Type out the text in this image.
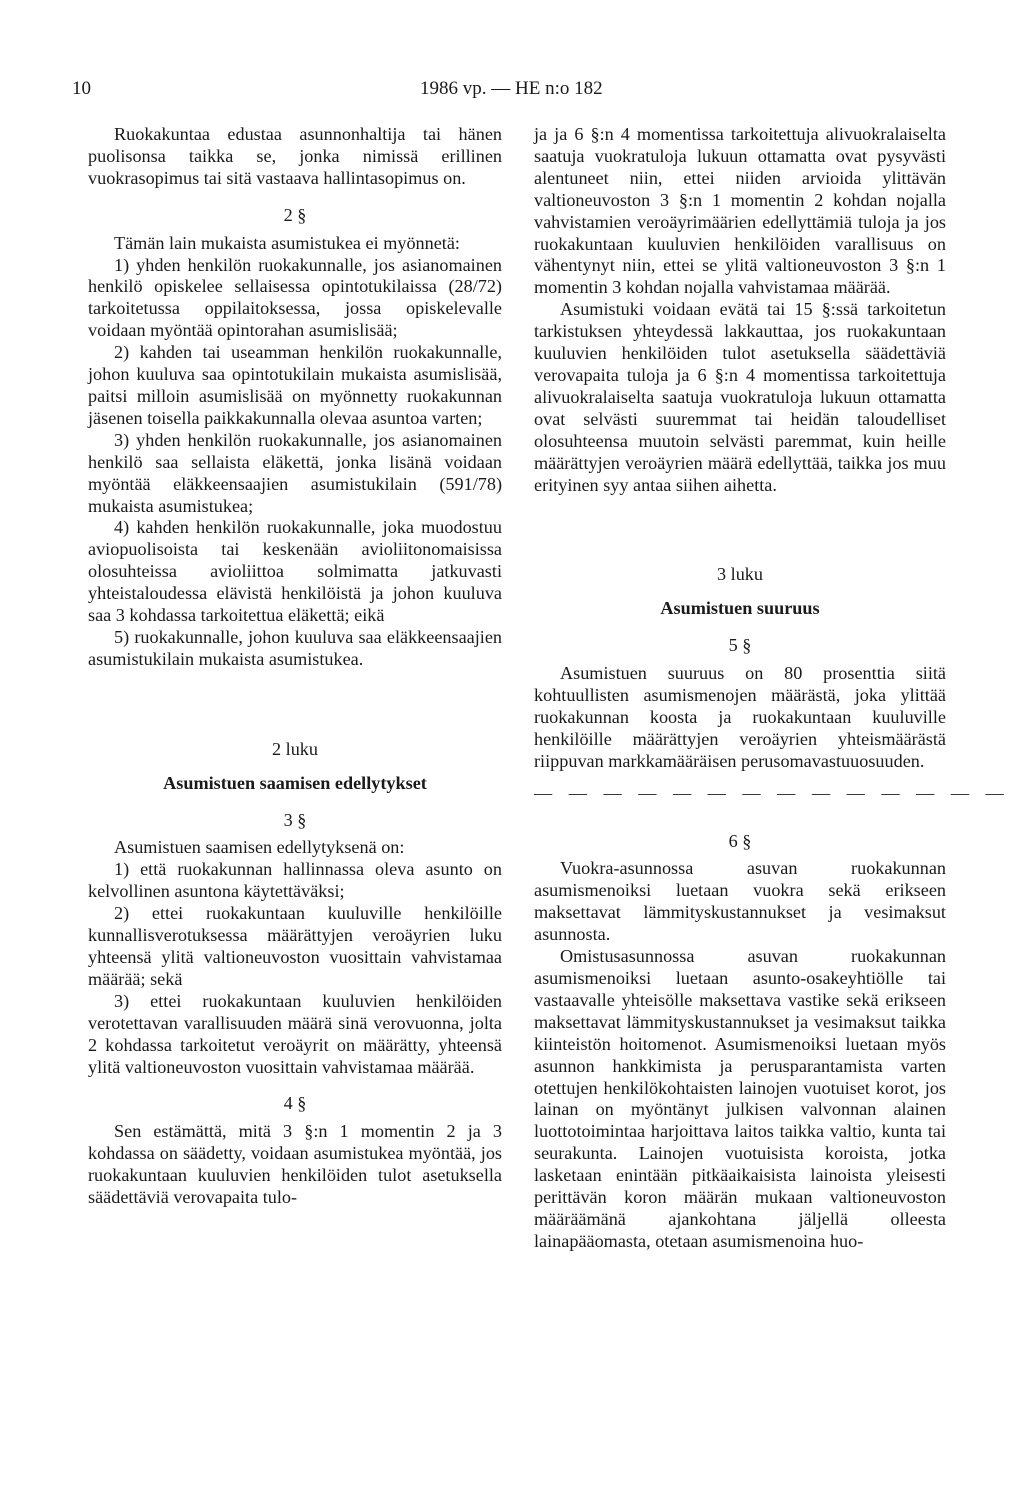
10	1986 vp. — HE n:o 182

Ruokakuntaa edustaa asunnonhaltija tai hänen puolisonsa taikka se, jonka nimissä erillinen vuokrasopimus tai sitä vastaava hallintasopimus on.

2 §

Tämän lain mukaista asumistukea ei myönnetä:

1) yhden henkilön ruokakunnalle, jos asianomainen henkilö opiskelee sellaisessa opintotukilaissa (28/72) tarkoitetussa oppilaitoksessa, jossa opiskelevalle voidaan myöntää opintorahan asumislisää;

2) kahden tai useamman henkilön ruokakunnalle, johon kuuluva saa opintotukilain mukaista asumislisää, paitsi milloin asumislisää on myönnetty ruokakunnan jäsenen toisella paikkakunnalla olevaa asuntoa varten;

3) yhden henkilön ruokakunnalle, jos asianomainen henkilö saa sellaista eläkettä, jonka lisänä voidaan myöntää eläkkeensaajien asumistukilain (591/78) mukaista asumistukea;

4) kahden henkilön ruokakunnalle, joka muodostuu aviopuolisoista tai keskenään avioliitonomaisissa olosuhteissa avioliittoa solmimatta jatkuvasti yhteistaloudessa elävistä henkilöistä ja johon kuuluva saa 3 kohdassa tarkoitettua eläkettä; eikä

5) ruokakunnalle, johon kuuluva saa eläkkeensaajien asumistukilain mukaista asumistukea.

2 luku
Asumistuen saamisen edellytykset
3 §

Asumistuen saamisen edellytyksenä on:

1) että ruokakunnan hallinnassa oleva asunto on kelvollinen asuntona käytettäväksi;

2) ettei ruokakuntaan kuuluville henkilöille kunnallisverotuksessa määrättyjen veroäyrien luku yhteensä ylitä valtioneuvoston vuosittain vahvistamaa määrää; sekä

3) ettei ruokakuntaan kuuluvien henkilöiden verotettavan varallisuuden määrä sinä verovuonna, jolta 2 kohdassa tarkoitetut veroäyrit on määrätty, yhteensä ylitä valtioneuvoston vuosittain vahvistamaa määrää.

4 §

Sen estämättä, mitä 3 §:n 1 momentin 2 ja 3 kohdassa on säädetty, voidaan asumistukea myöntää, jos ruokakuntaan kuuluvien henkilöiden tulot asetuksella säädettäviä verovapaita tulo-

ja ja 6 §:n 4 momentissa tarkoitettuja alivuokralaiselta saatuja vuokratuloja lukuun ottamatta ovat pysyvästi alentuneet niin, ettei niiden arvioida ylittävän valtioneuvoston 3 §:n 1 momentin 2 kohdan nojalla vahvistamien veroäyrimäärien edellyttämiä tuloja ja jos ruokakuntaan kuuluvien henkilöiden varallisuus on vähentynyt niin, ettei se ylitä valtioneuvoston 3 §:n 1 momentin 3 kohdan nojalla vahvistamaa määrää.

Asumistuki voidaan evätä tai 15 §:ssä tarkoitetun tarkistuksen yhteydessä lakkauttaa, jos ruokakuntaan kuuluvien henkilöiden tulot asetuksella säädettäviä verovapaita tuloja ja 6 §:n 4 momentissa tarkoitettuja alivuokralaiselta saatuja vuokratuloja lukuun ottamatta ovat selvästi suuremmat tai heidän taloudelliset olosuhteensa muutoin selvästi paremmat, kuin heille määrättyjen veroäyrien määrä edellyttää, taikka jos muu erityinen syy antaa siihen aihetta.

3 luku
Asumistuen suuruus
5 §

Asumistuen suuruus on 80 prosenttia siitä kohtuullisten asumismenojen määrästä, joka ylittää ruokakunnan koosta ja ruokakuntaan kuuluville henkilöille määrättyjen veroäyrien yhteismäärästä riippuvan markkamääräisen perusomavastuuosuuden.

— — — — — — — — — — — — — —
6 §

Vuokra-asunnossa asuvan ruokakunnan asumismenoiksi luetaan vuokra sekä erikseen maksettavat lämmityskustannukset ja vesimaksut asunnosta.

Omistusasunnossa asuvan ruokakunnan asumismenoiksi luetaan asunto-osakeyhtiölle tai vastaavalle yhteisölle maksettava vastike sekä erikseen maksettavat lämmityskustannukset ja vesimaksut taikka kiinteistön hoitomenot. Asumismenoiksi luetaan myös asunnon hankkimista ja perusparantamista varten otettujen henkilökohtaisten lainojen vuotuiset korot, jos lainan on myöntänyt julkisen valvonnan alainen luottotoimintaa harjoittava laitos taikka valtio, kunta tai seurakunta. Lainojen vuotuisista koroista, jotka lasketaan enintään pitkäaikaisista lainoista yleisesti perittävän koron määrän mukaan valtioneuvoston määräämänä ajankohtana jäljellä olleesta lainapääomasta, otetaan asumismenoina huo-
